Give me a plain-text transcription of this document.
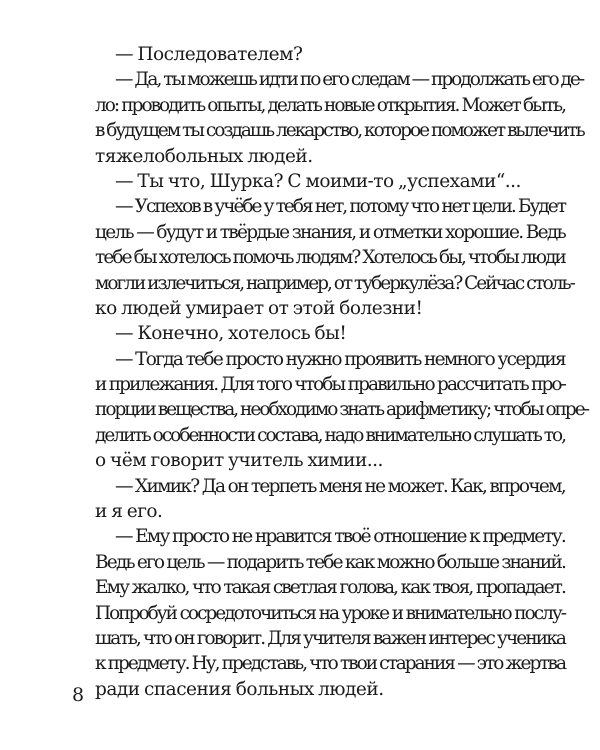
— Последователем?
— Да, ты можешь идти по его следам — продолжать его де-
ло: проводить опыты, делать новые открытия. Может быть,
в будущем ты создашь лекарство, которое поможет вылечить
тяжелобольных людей.
— Ты что, Шурка? С моими-то „успехами“...
— Успехов в учёбе у тебя нет, потому что нет цели. Будет
цель — будут и твёрдые знания, и отметки хорошие. Ведь
тебе бы хотелось помочь людям? Хотелось бы, чтобы люди
могли излечиться, например, от туберкулёза? Сейчас столь-
ко людей умирает от этой болезни!
— Конечно, хотелось бы!
— Тогда тебе просто нужно проявить немного усердия
и прилежания. Для того чтобы правильно рассчитать про-
порции вещества, необходимо знать арифметику; чтобы опре-
делить особенности состава, надо внимательно слушать то,
о чём говорит учитель химии...
— Химик? Да он терпеть меня не может. Как, впрочем,
и я его.
— Ему просто не нравится твоё отношение к предмету.
Ведь его цель — подарить тебе как можно больше знаний.
Ему жалко, что такая светлая голова, как твоя, пропадает.
Попробуй сосредоточиться на уроке и внимательно послу-
шать, что он говорит. Для учителя важен интерес ученика
к предмету. Ну, представь, что твои старания — это жертва
ради спасения больных людей.
8
